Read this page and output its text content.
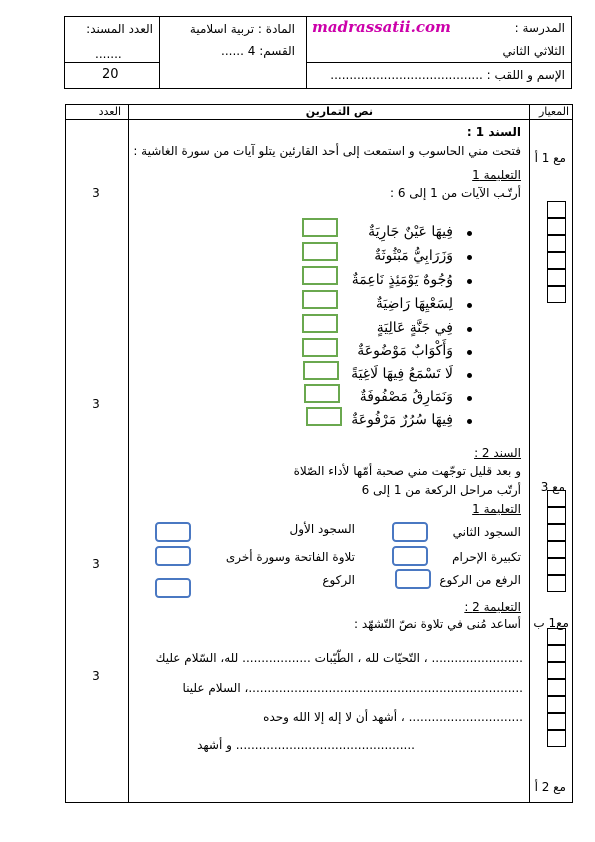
المدرسة :
madrassatii.com
الثلاثي الثاني
الإسم و اللقب : ........................................
المادة : تربية اسلامية
القسم: 4 ......
العدد المسند:
.......
20
المعيار
نص التمارين
العدد
السند 1 :
فتحت مني الحاسوب و استمعت إلى أحد القارئين يتلو آيات من سورة الغاشية :
التعليمة 1
أرتّـب الآيات من 1 إلى 6 :
فِيهَا عَيْنٌ جَارِيَةٌ
وَزَرَابِيُّ مَبْثُوثَةٌ
وُجُوهٌ يَوْمَئِذٍ نَاعِمَةٌ
لِسَعْيِهَا رَاضِيَةٌ
فِي جَنَّةٍ عَالِيَةٍ
وَأَكْوَابٌ مَوْضُوعَةٌ
لَا تَسْمَعُ فِيهَا لَاغِيَةً
وَنَمَارِقُ مَصْفُوفَةٌ
فِيهَا سُرُرٌ مَرْفُوعَةٌ
السند 2 :
و بعد قليل توجّهت مني صحبة أمّها لأداء الصّلاة
أرتّب مراحل الركعة من 1 إلى 6
التعليمة 1
السجود الثاني
السجود الأول
تكبيرة الإحرام
تلاوة الفاتحة وسورة أخرى
الرفع من الركوع
الركوع
التعليمة 2 :
أساعد مُنى في تلاوة نصّ التّشهّد :
........................ ، التّحيّات لله ، الطّيّبات .................. لله، السّلام عليك
........................................................................، السلام علينا
.............................. ، أشهد أن لا إله إلا الله وحده
............................................... و أشهد
مع 1 أ
مع 3
مع1 ب
مع 2 أ
3
3
3
3
